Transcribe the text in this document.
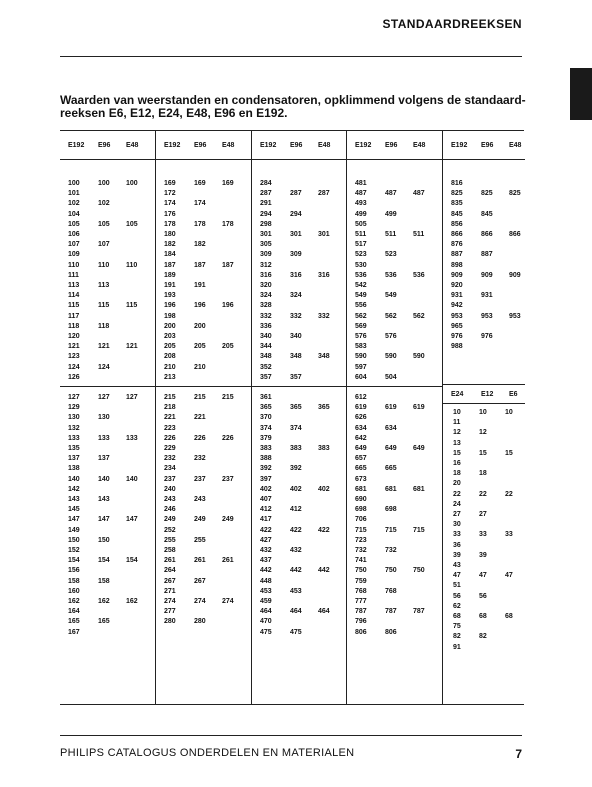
STANDAARDREEKSEN
Waarden van weerstanden en condensatoren, opklimmend volgens de standaard-reeksen E6, E12, E24, E48, E96 en E192.
E192 E96 E48
100	100 100
101
102	102
104
105	105 105
106
107	107
109
110	110 110
111
113	113
114
115	115 115
117
118	118
120
121	121 121
123
124	124
126
127	127 127
129
130	130
132
133	133 133
135
137	137
138
140	140 140
142
143	143
145
147	147 147
149
150	150
152
154	154 154
156
158	158
160
162	162 162
164
165	165
167
E192 E96 E48
169	169 169
172
174	174
176
178	178 178
180
182	182
184
187	187 187
189
191	191
193
196	196 196
198
200	200
203
205	205 205
208
210	210
213
215	215 215
218
221	221
223
226	226 226
229
232	232
234
237	237 237
240
243	243
246
249	249 249
252
255	255
258
261	261 261
264
267	267
271
274	274 274
277
280	280
E192 E96 E48
284
287	287 287
291
294	294
298
301	301 301
305
309	309
312
316	316 316
320
324	324
328
332	332 332
336
340	340
344
348	348 348
352
357	357
361
365	365 365
370
374	374
379
383	383 383
388
392	392
397
402	402 402
407
412	412
417
422	422 422
427
432	432
437
442	442 442
448
453	453
459
464	464 464
470
475	475
E192 E96 E48
481
487	487 487
493
499	499
505
511	511 511
517
523	523
530
536	536 536
542
549	549
556
562	562 562
569
576	576
583
590	590 590
597
604	504
612
619	619 619
626
634	634
642
649	649 649
657
665	665
673
681	681 681
690
698	698
706
715	715 715
723
732	732
741
750	750 750
759
768	768
777
787	787 787
796
806	806
E192 E96 E48
816
825	825 825
835
845	845
856
866	866 866
876
887	887
898
909	909 909
920
931	931
942
953	953 953
965
976	976
988
E24	E12 E6
10	10	10
11
12	12
13
15	15	15
16
18	18
20
22	22	22
24
27	27
30
33	33	33
36
39	39
43
47	47	47
51
56	56
62
68	68	68
75
82	82
91
PHILIPS CATALOGUS ONDERDELEN EN MATERIALEN	7
